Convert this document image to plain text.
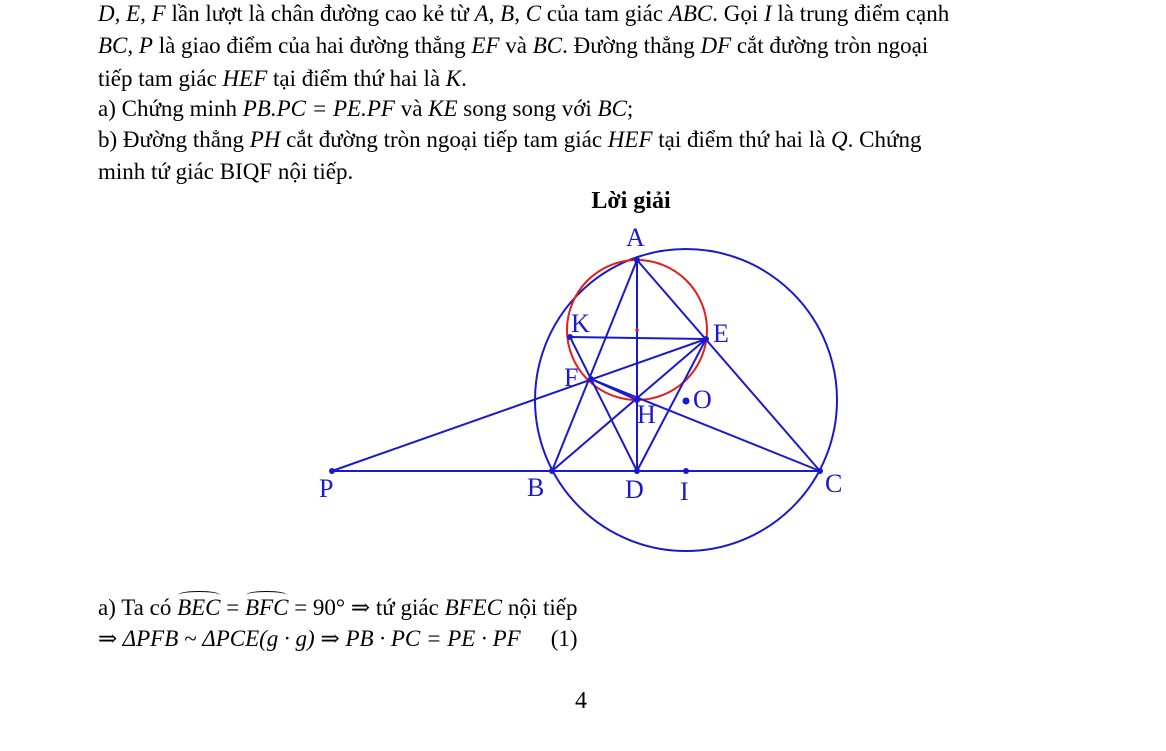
D, E, F lần lượt là chân đường cao kẻ từ A, B, C của tam giác ABC. Gọi I là trung điểm cạnh
BC, P là giao điểm của hai đường thẳng EF và BC. Đường thẳng DF cắt đường tròn ngoại
tiếp tam giác HEF tại điểm thứ hai là K.
a) Chứng minh PB.PC = PE.PF và KE song song với BC;
b) Đường thẳng PH cắt đường tròn ngoại tiếp tam giác HEF tại điểm thứ hai là Q. Chứng
minh tứ giác BIQF nội tiếp.
Lời giải
A
K	E
F
O
H
P	B	D I	C
a) Ta có BEC = BFC = 90° ⇒ tứ giác BFEC nội tiếp
⇒ ΔPFB ~ ΔPCE(g · g) ⇒ PB · PC = PE · PF (1)
4
